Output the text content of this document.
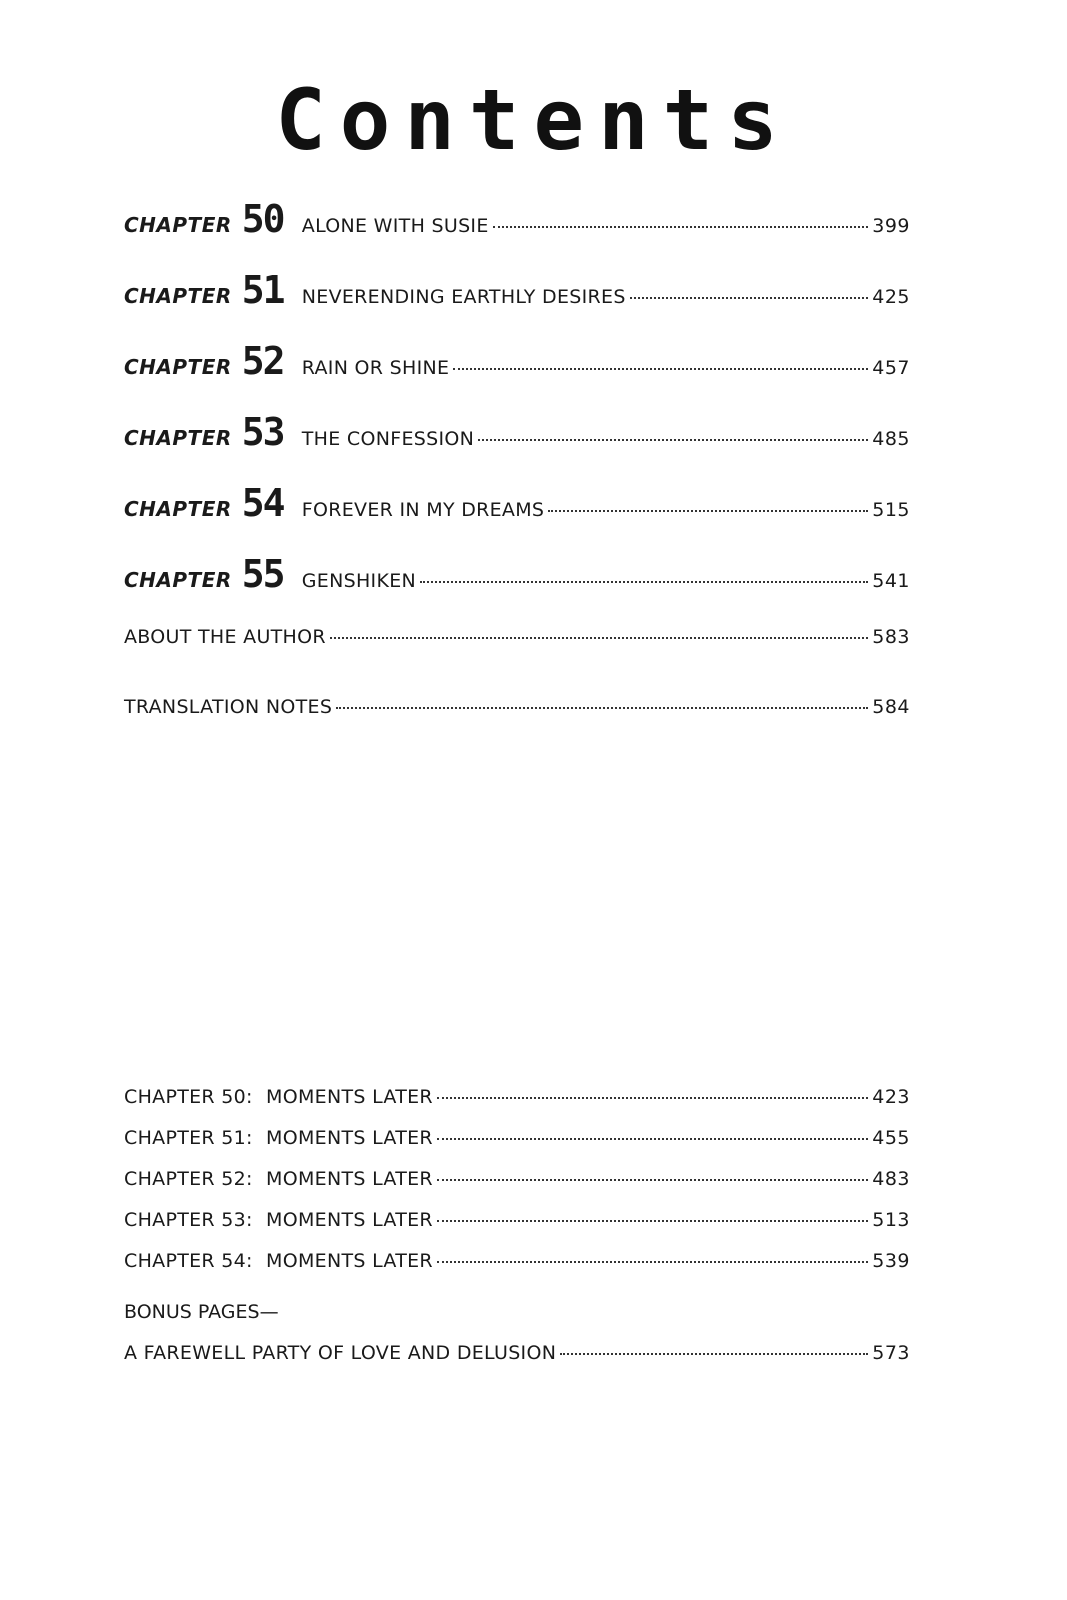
Contents
CHAPTER 50 ALONE WITH SUSIE	399
CHAPTER 51 NEVERENDING EARTHLY DESIRES	425
CHAPTER 52 RAIN OR SHINE	457
CHAPTER 53 THE CONFESSION	485
CHAPTER 54 FOREVER IN MY DREAMS	515
CHAPTER 55 GENSHIKEN	541
ABOUT THE AUTHOR	583
TRANSLATION NOTES	584
CHAPTER 50: MOMENTS LATER	423
CHAPTER 51: MOMENTS LATER	455
CHAPTER 52: MOMENTS LATER	483
CHAPTER 53: MOMENTS LATER	513
CHAPTER 54: MOMENTS LATER	539
BONUS PAGES—
A FAREWELL PARTY OF LOVE AND DELUSION	573
